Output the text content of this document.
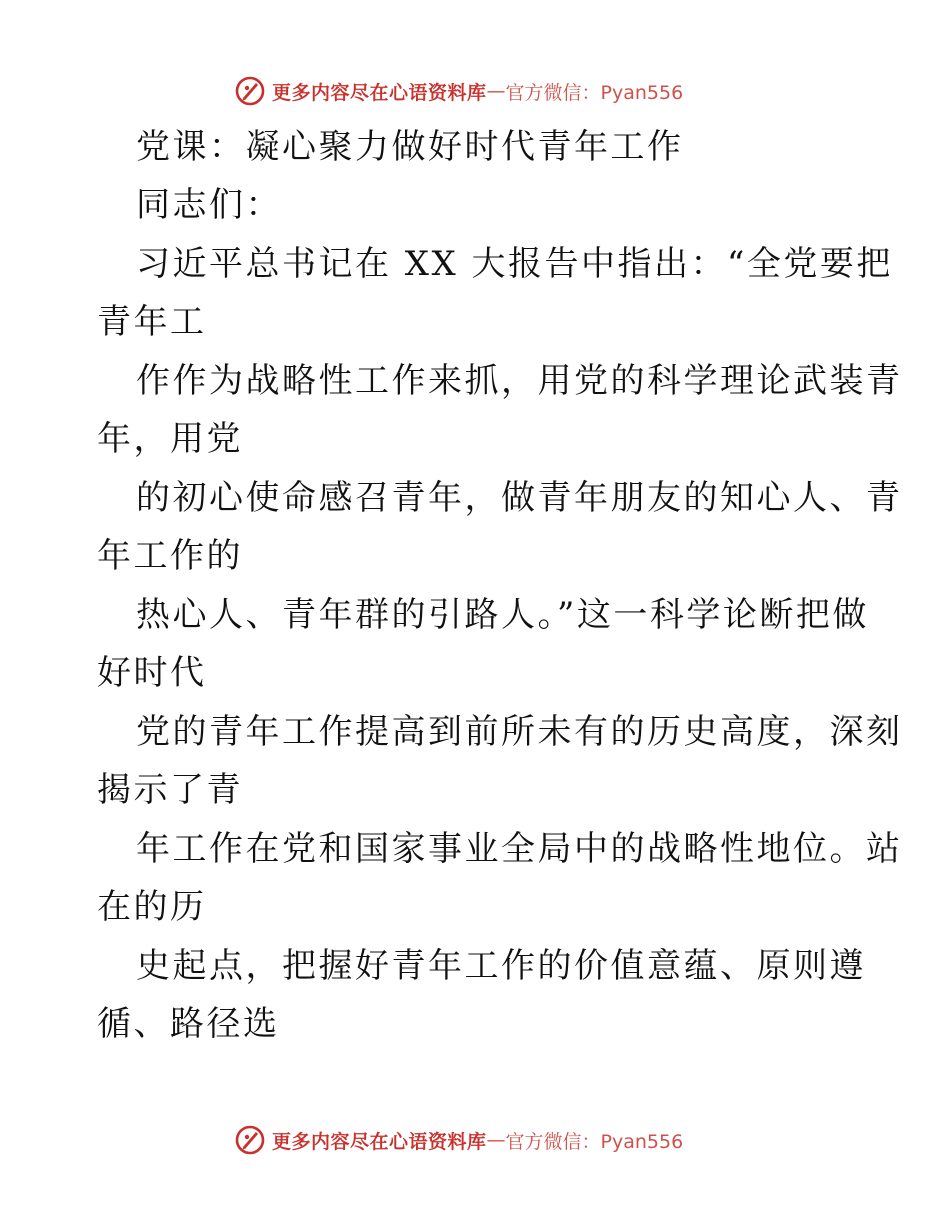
更多内容尽在心语资料库 — 官方微信：Pyan556
党课：凝心聚力做好时代青年工作
同志们：
习近平总书记在 XX 大报告中指出：“全党要把
青年工
作作为战略性工作来抓，用党的科学理论武装青
年，用党
的初心使命感召青年，做青年朋友的知心人、青
年工作的
热心人、青年群的引路人。”这一科学论断把做
好时代
党的青年工作提高到前所未有的历史高度，深刻
揭示了青
年工作在党和国家事业全局中的战略性地位。站
在的历
史起点，把握好青年工作的价值意蕴、原则遵
循、路径选
更多内容尽在心语资料库 — 官方微信：Pyan556
